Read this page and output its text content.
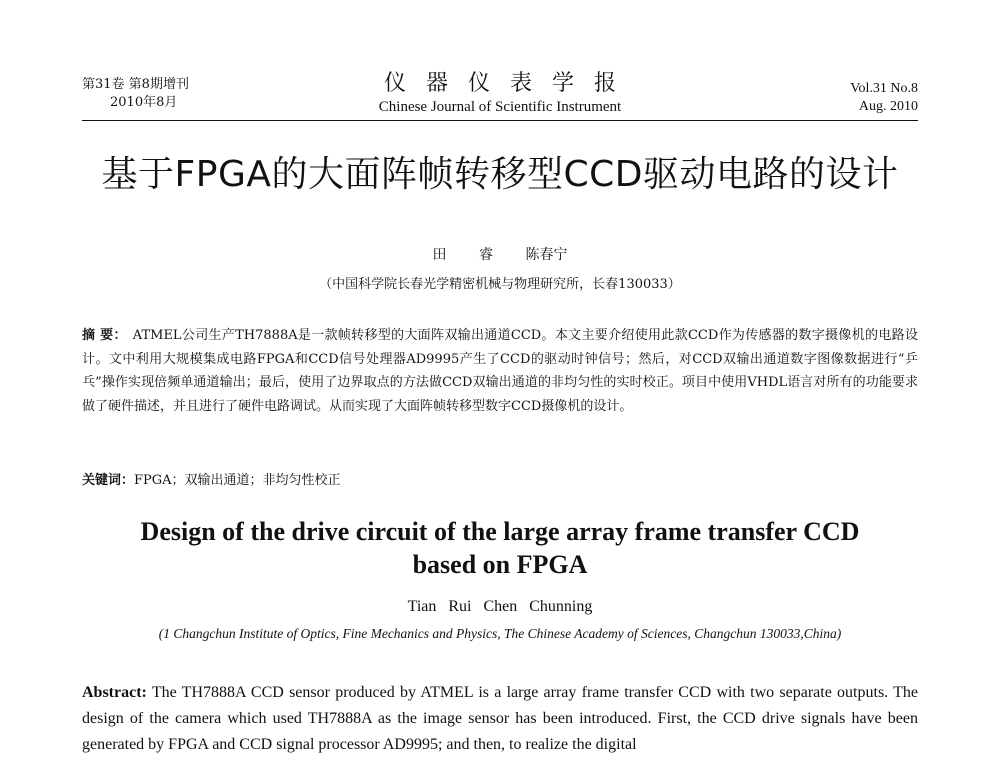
第31卷 第8期增刊
2010年8月
仪器仪表学报
Chinese Journal of Scientific Instrument
Vol.31 No.8
Aug. 2010
基于FPGA的大面阵帧转移型CCD驱动电路的设计
田 睿 陈春宁
（中国科学院长春光学精密机械与物理研究所，长春130033）
摘 要： ATMEL公司生产TH7888A是一款帧转移型的大面阵双输出通道CCD。本文主要介绍使用此款CCD作为传感器的数字摄像机的电路设计。文中利用大规模集成电路FPGA和CCD信号处理器AD9995产生了CCD的驱动时钟信号；然后，对CCD双输出通道数字图像数据进行“乒乓”操作实现倍频单通道输出；最后，使用了边界取点的方法做CCD双输出通道的非均匀性的实时校正。项目中使用VHDL语言对所有的功能要求做了硬件描述，并且进行了硬件电路调试。从而实现了大面阵帧转移型数字CCD摄像机的设计。
关键词：FPGA；双输出通道；非均匀性校正
Design of the drive circuit of the large array frame transfer CCD based on FPGA
Tian Rui Chen Chunning
(1 Changchun Institute of Optics, Fine Mechanics and Physics, The Chinese Academy of Sciences, Changchun 130033,China)
Abstract: The TH7888A CCD sensor produced by ATMEL is a large array frame transfer CCD with two separate outputs. The design of the camera which used TH7888A as the image sensor has been introduced. First, the CCD drive signals have been generated by FPGA and CCD signal processor AD9995; and then, to realize the digital
